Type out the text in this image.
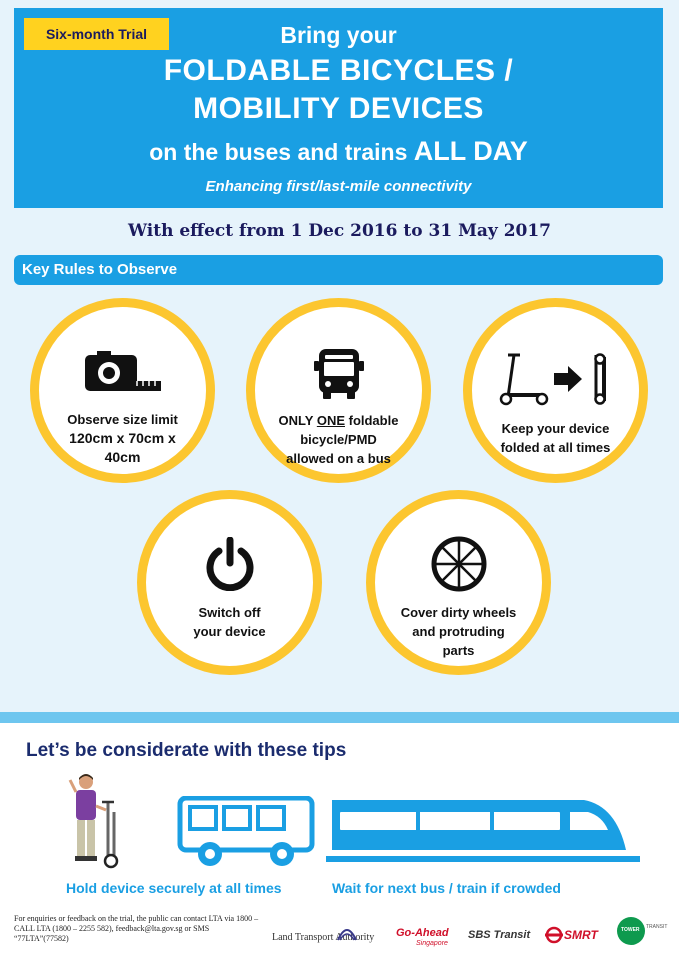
Six-month Trial	Bring your
FOLDABLE BICYCLES /
MOBILITY DEVICES
on the buses and trains ALL DAY
Enhancing first/last-mile connectivity
With effect from 1 Dec 2016 to 31 May 2017
Key Rules to Observe
Observe size limit
120cm x 70cm x
40cm
ONLY ONE foldable
bicycle/PMD
allowed on a bus
Keep your device
folded at all times
Switch off
your device
Cover dirty wheels
and protruding
parts
Let’s be considerate with these tips
Hold device securely at all times	Wait for next bus / train if crowded
For enquiries or feedback on the trial, the public can contact LTA via 1800 – CALL LTA (1800 – 2255 582), feedback@lta.gov.sg or SMS “77LTA”(77582)	Land Transport Authority Go-Ahead
Singapore
SBS Transit	SMRT	TOWER TRANSIT
